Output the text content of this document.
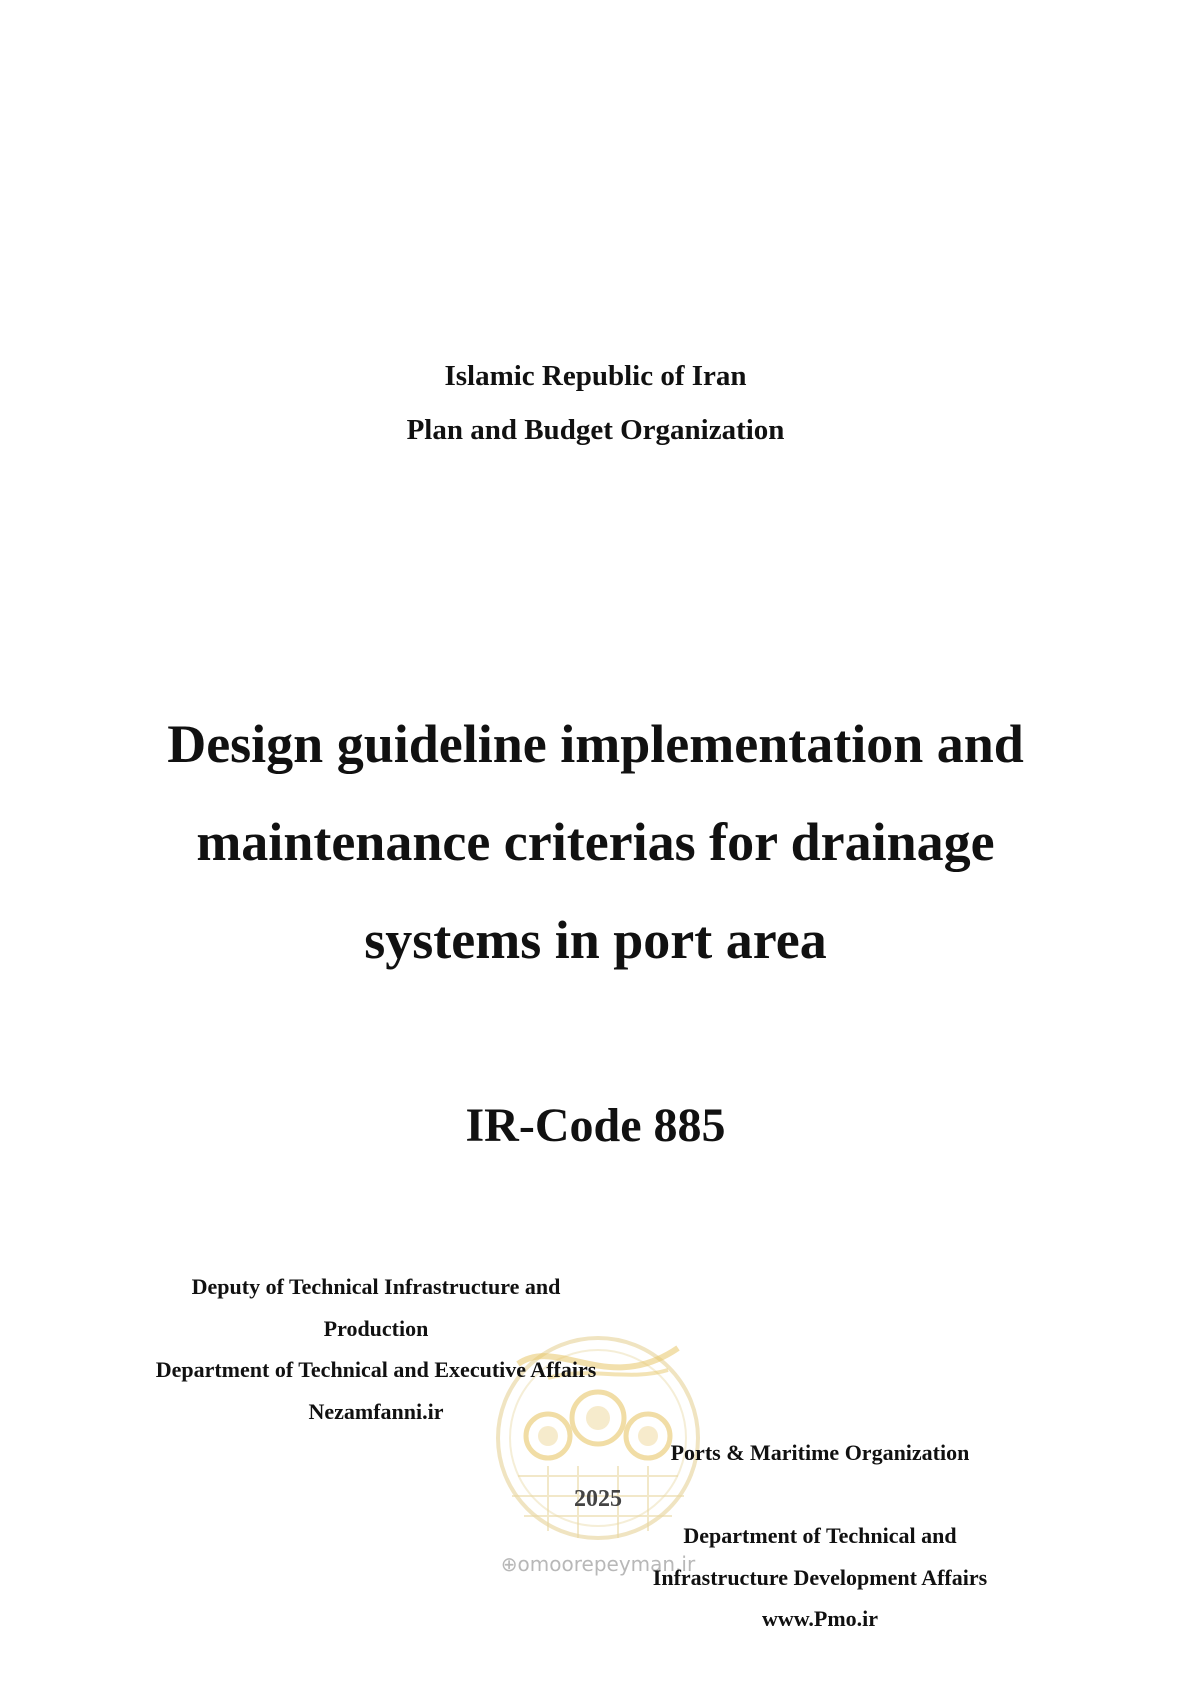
Islamic Republic of Iran
Plan and Budget Organization
Design guideline implementation and
maintenance criterias for drainage
systems in port area
IR-Code 885
2025
⊕omoorepeyman.ir

Deputy of Technical Infrastructure and Production

Department of Technical and Executive Affairs

Nezamfanni.ir

Ports & Maritime Organization

Department of Technical and Infrastructure Development Affairs

www.Pmo.ir
